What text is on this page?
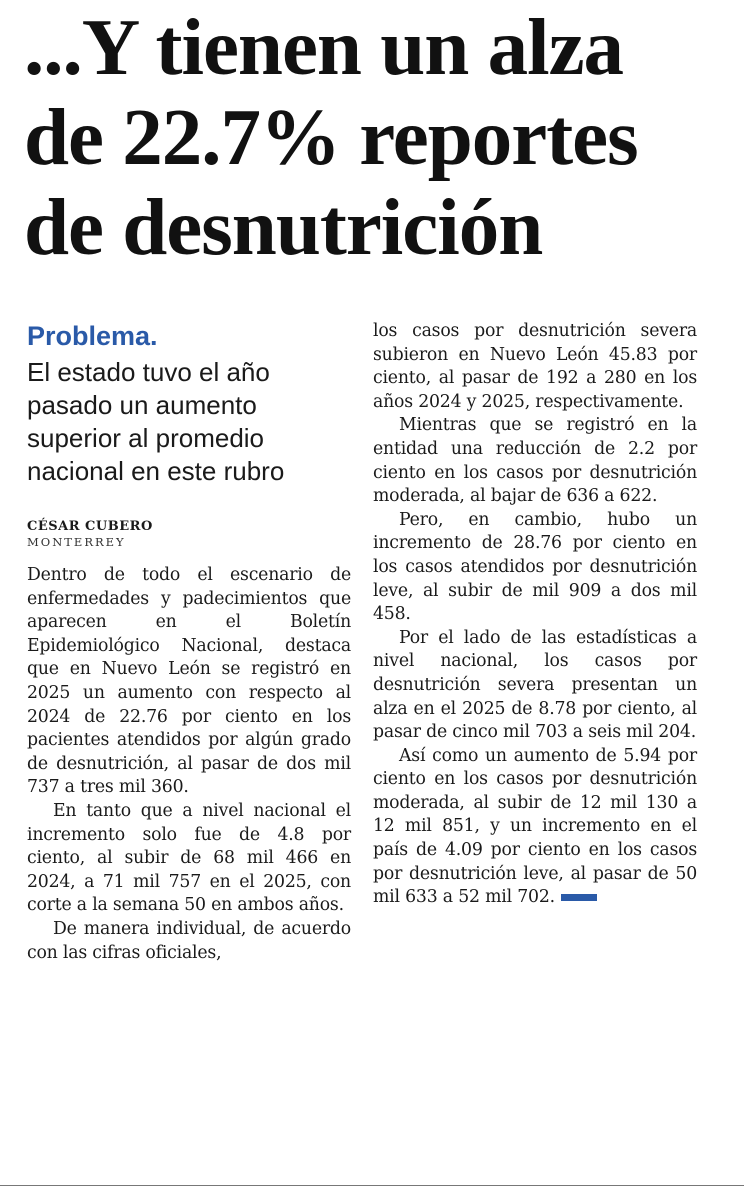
...Y tienen un alza
de 22.7% reportes
de desnutrición

Problema.

El estado tuvo el año pasado un aumento superior al promedio nacional en este rubro

CÉSAR CUBERO
MONTERREY

Dentro de todo el escenario de enfermedades y padecimientos que aparecen en el Boletín Epidemiológico Nacional, destaca que en Nuevo León se registró en 2025 un aumento con respecto al 2024 de 22.76 por ciento en los pacientes atendidos por algún grado de desnutrición, al pasar de dos mil 737 a tres mil 360.

En tanto que a nivel nacional el incremento solo fue de 4.8 por ciento, al subir de 68 mil 466 en 2024, a 71 mil 757 en el 2025, con corte a la semana 50 en ambos años.

De manera individual, de acuerdo con las cifras oficiales,

los casos por desnutrición severa subieron en Nuevo León 45.83 por ciento, al pasar de 192 a 280 en los años 2024 y 2025, respectivamente.

Mientras que se registró en la entidad una reducción de 2.2 por ciento en los casos por desnutrición moderada, al bajar de 636 a 622.

Pero, en cambio, hubo un incremento de 28.76 por ciento en los casos atendidos por desnutrición leve, al subir de mil 909 a dos mil 458.

Por el lado de las estadísticas a nivel nacional, los casos por desnutrición severa presentan un alza en el 2025 de 8.78 por ciento, al pasar de cinco mil 703 a seis mil 204.

Así como un aumento de 5.94 por ciento en los casos por desnutrición moderada, al subir de 12 mil 130 a 12 mil 851, y un incremento en el país de 4.09 por ciento en los casos por desnutrición leve, al pasar de 50 mil 633 a 52 mil 702.
